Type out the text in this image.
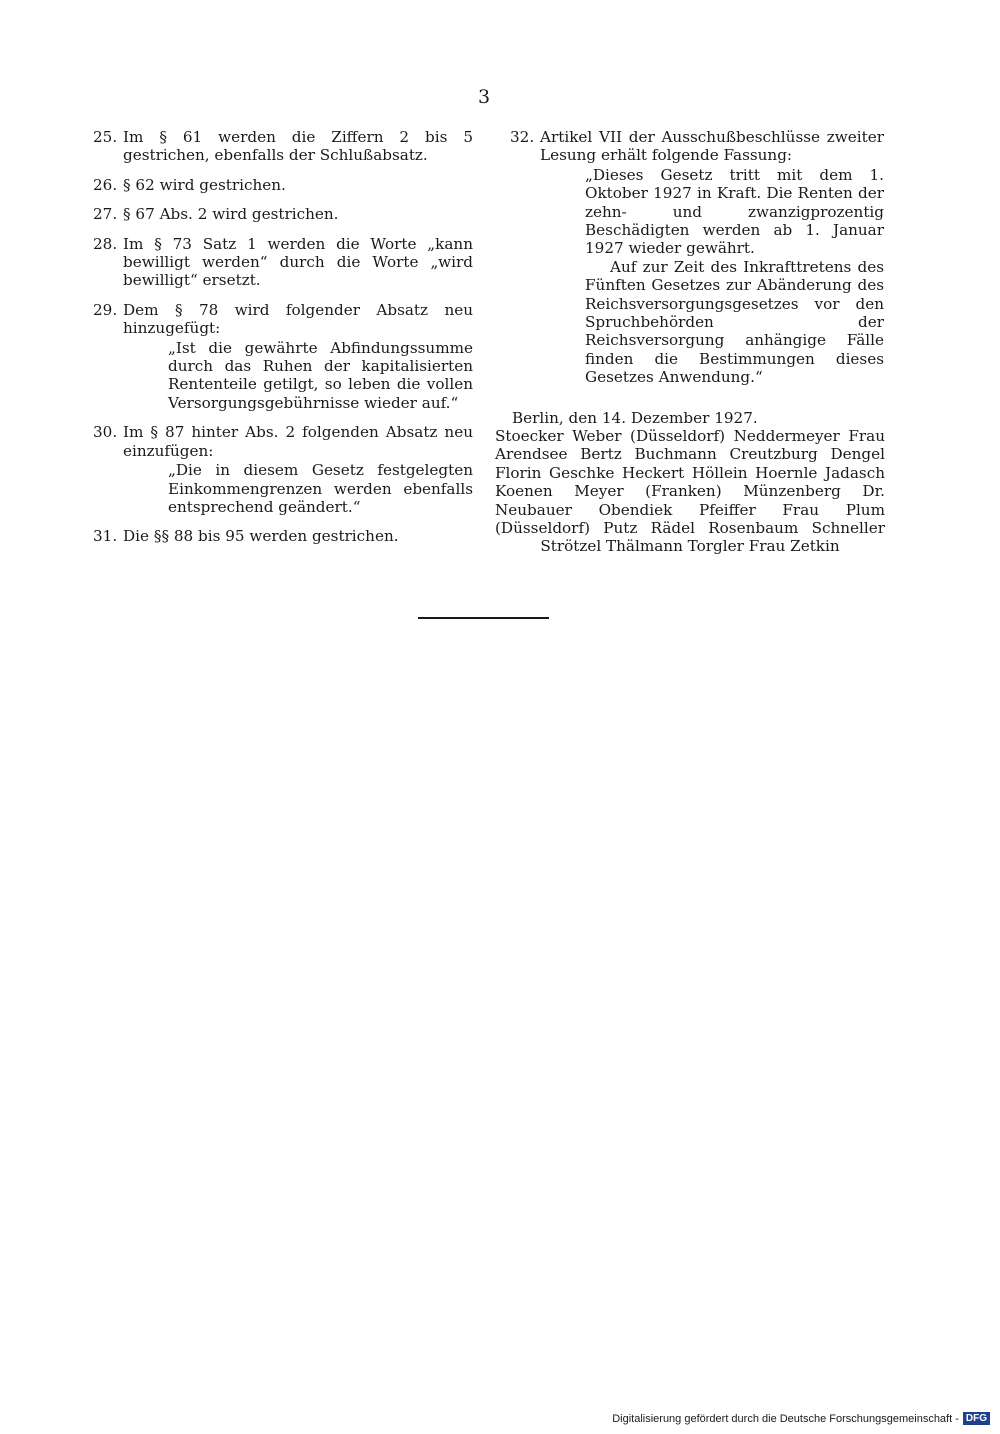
3
25. Im § 61 werden die Ziffern 2 bis 5 gestrichen, ebenfalls der Schlußabsatz.
26. § 62 wird gestrichen.
27. § 67 Abs. 2 wird gestrichen.
28. Im § 73 Satz 1 werden die Worte „kann bewilligt werden“ durch die Worte „wird bewilligt“ ersetzt.
29. Dem § 78 wird folgender Absatz neu hinzugefügt:
„Ist die gewährte Abfindungssumme durch das Ruhen der kapitalisierten Rententeile getilgt, so leben die vollen Versorgungsgebührnisse wieder auf.“
30. Im § 87 hinter Abs. 2 folgenden Absatz neu einzufügen:
„Die in diesem Gesetz festgelegten Einkommengrenzen werden ebenfalls entsprechend geändert.“
31. Die §§ 88 bis 95 werden gestrichen.
32. Artikel VII der Ausschußbeschlüsse zweiter Lesung erhält folgende Fassung:

„Dieses Gesetz tritt mit dem 1. Oktober 1927 in Kraft. Die Renten der zehn- und zwanzigprozentig Beschädigten werden ab 1. Januar 1927 wieder gewährt.

Auf zur Zeit des Inkrafttretens des Fünften Gesetzes zur Abänderung des Reichsversorgungsgesetzes vor den Spruchbehörden der Reichsversorgung anhängige Fälle finden die Bestimmungen dieses Gesetzes Anwendung.“

Berlin, den 14. Dezember 1927.
Stoecker Weber (Düsseldorf) Neddermeyer Frau Arendsee Bertz Buchmann Creutzburg Dengel Florin Geschke Heckert Höllein Hoernle Jadasch Koenen Meyer (Franken) Münzenberg Dr. Neubauer Obendiek Pfeiffer Frau Plum (Düsseldorf) Putz Rädel Rosenbaum Schneller Strötzel Thälmann Torgler Frau Zetkin
Digitalisierung gefördert durch die Deutsche Forschungsgemeinschaft - DFG
